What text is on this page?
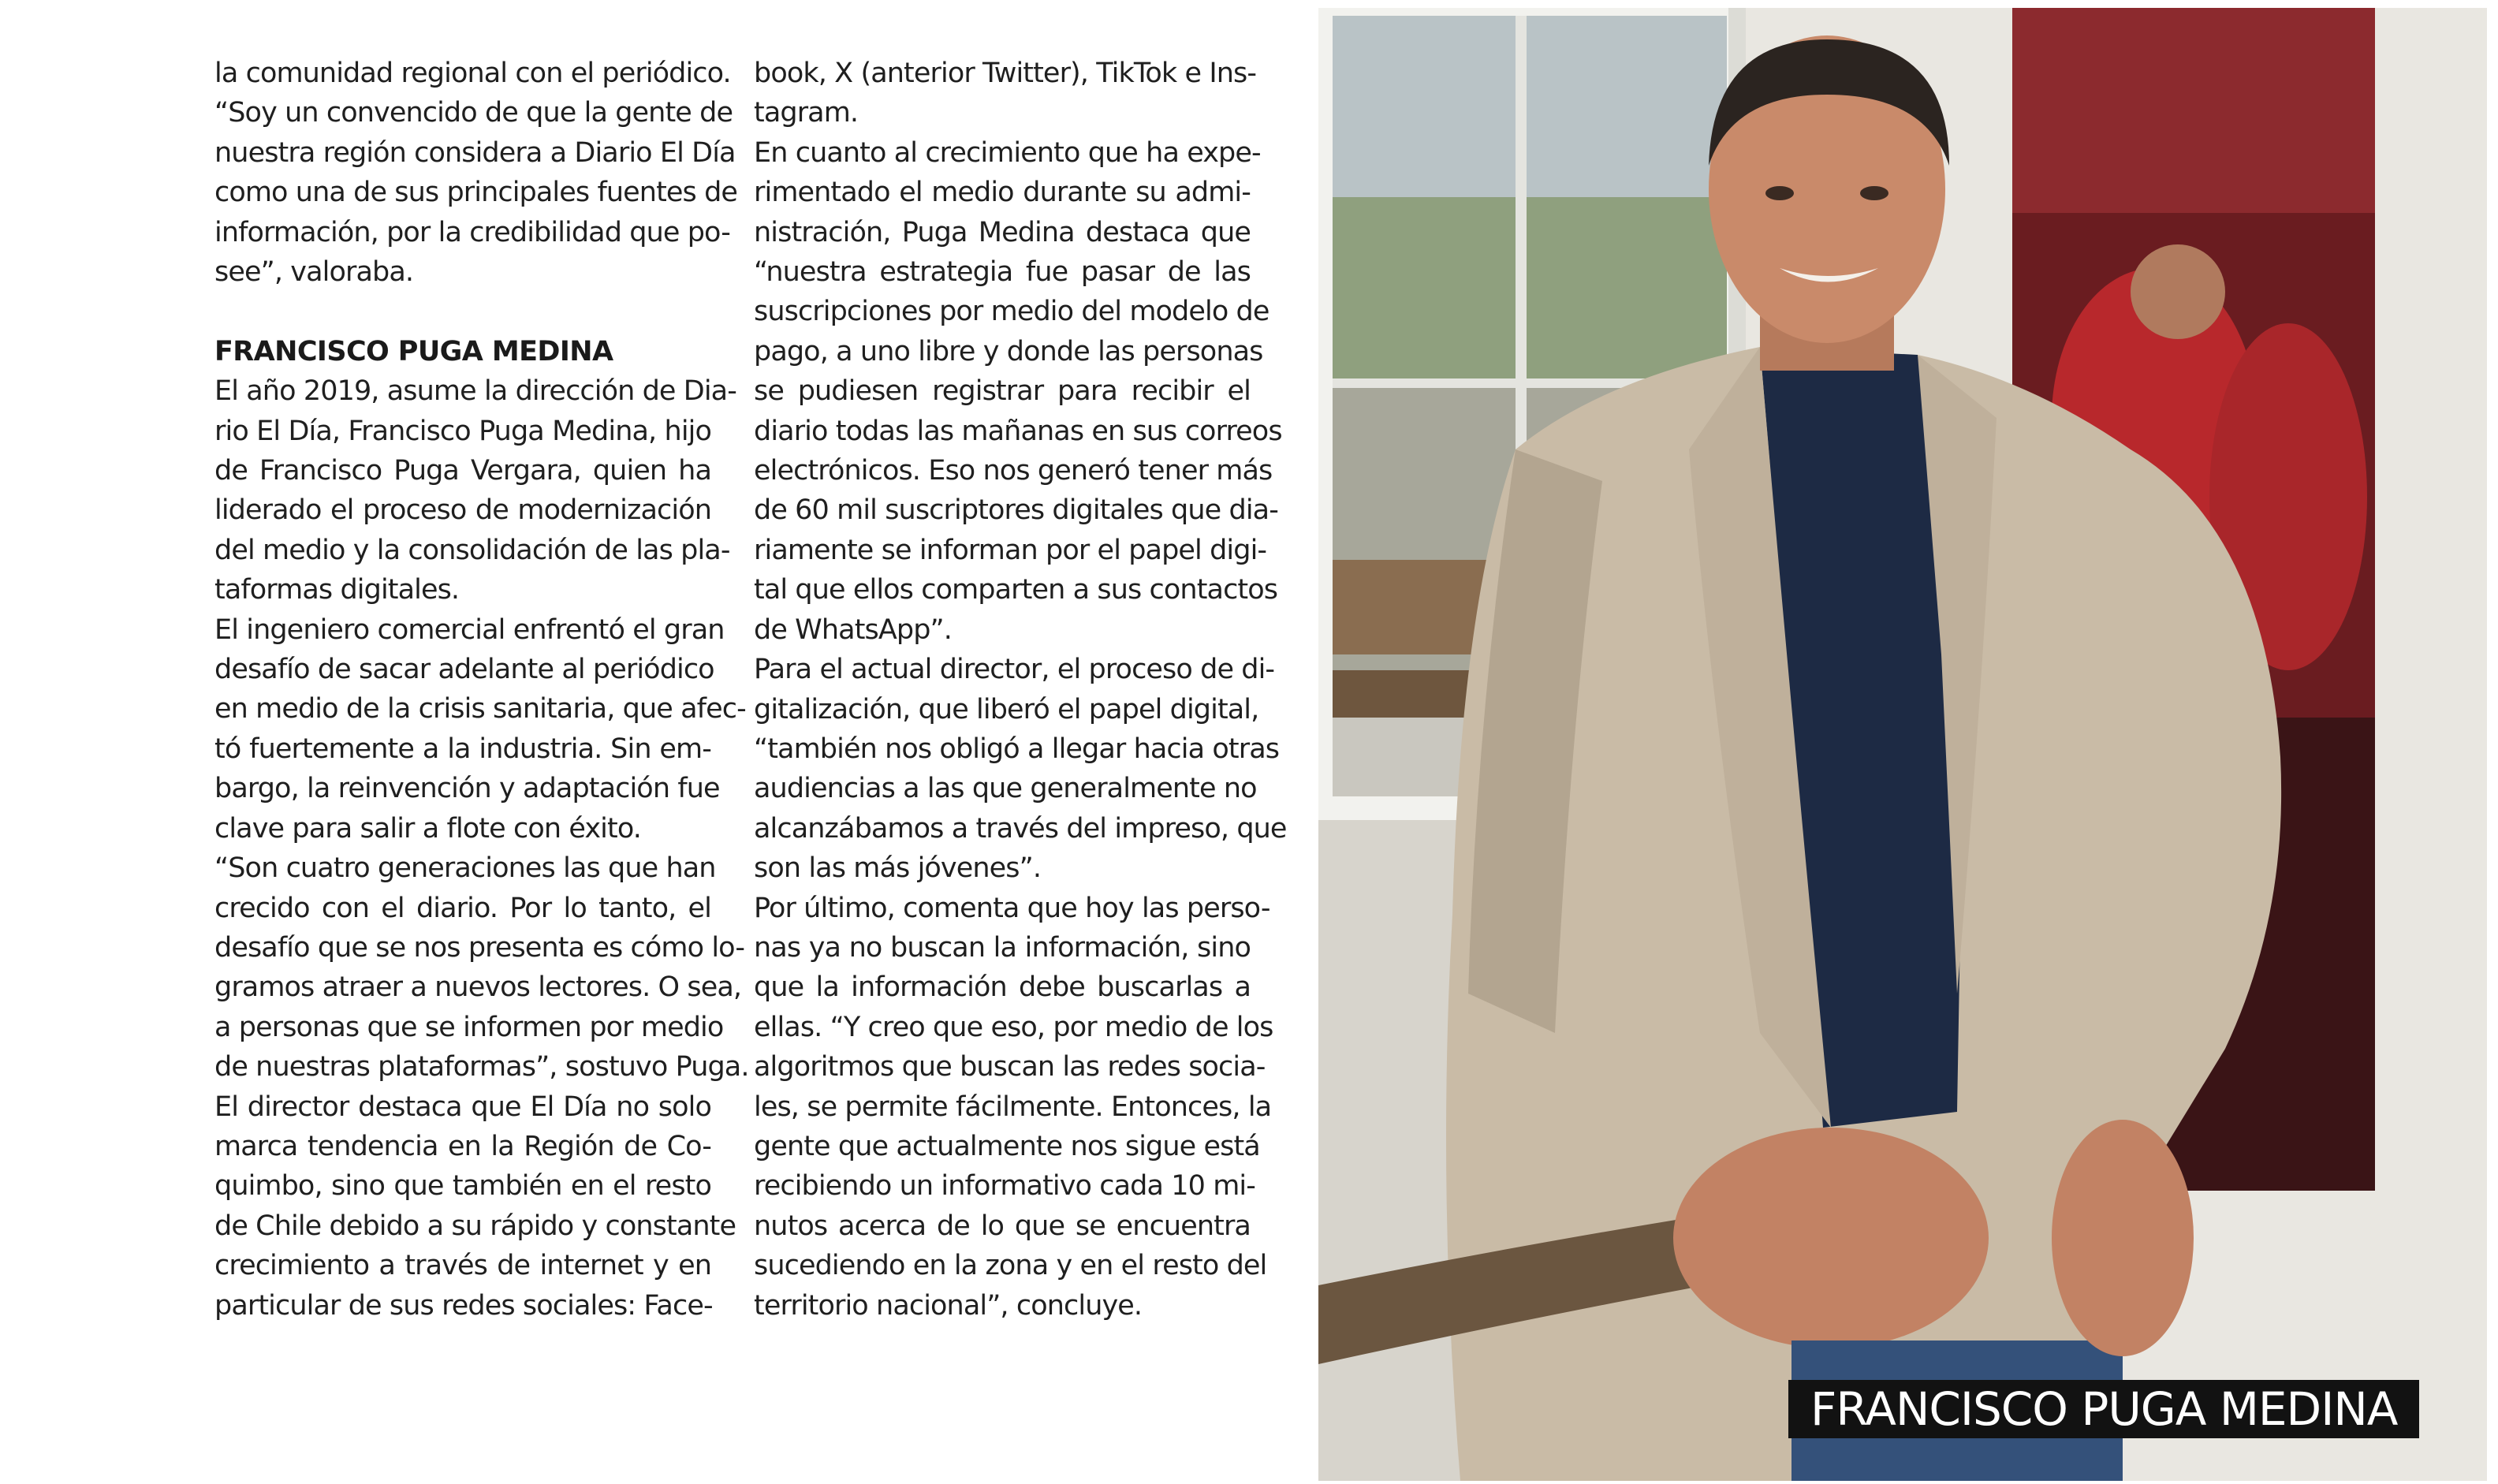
la comunidad regional con el periódico.
“Soy un convencido de que la gente de
nuestra región considera a Diario El Día
como una de sus principales fuentes de
información, por la credibilidad que po-
see”, valoraba.
FRANCISCO PUGA MEDINA
El año 2019, asume la dirección de Dia-
rio El Día, Francisco Puga Medina, hijo
de Francisco Puga Vergara, quien ha
liderado el proceso de modernización
del medio y la consolidación de las pla-
taformas digitales.
El ingeniero comercial enfrentó el gran
desafío de sacar adelante al periódico
en medio de la crisis sanitaria, que afec-
tó fuertemente a la industria. Sin em-
bargo, la reinvención y adaptación fue
clave para salir a flote con éxito.
“Son cuatro generaciones las que han
crecido con el diario. Por lo tanto, el
desafío que se nos presenta es cómo lo-
gramos atraer a nuevos lectores. O sea,
a personas que se informen por medio
de nuestras plataformas”, sostuvo Puga.
El director destaca que El Día no solo
marca tendencia en la Región de Co-
quimbo, sino que también en el resto
de Chile debido a su rápido y constante
crecimiento a través de internet y en
particular de sus redes sociales: Face-
book, X (anterior Twitter), TikTok e Ins-
tagram.
En cuanto al crecimiento que ha expe-
rimentado el medio durante su admi-
nistración, Puga Medina destaca que
“nuestra estrategia fue pasar de las
suscripciones por medio del modelo de
pago, a uno libre y donde las personas
se pudiesen registrar para recibir el
diario todas las mañanas en sus correos
electrónicos. Eso nos generó tener más
de 60 mil suscriptores digitales que dia-
riamente se informan por el papel digi-
tal que ellos comparten a sus contactos
de WhatsApp”.
Para el actual director, el proceso de di-
gitalización, que liberó el papel digital,
“también nos obligó a llegar hacia otras
audiencias a las que generalmente no
alcanzábamos a través del impreso, que
son las más jóvenes”.
Por último, comenta que hoy las perso-
nas ya no buscan la información, sino
que la información debe buscarlas a
ellas. “Y creo que eso, por medio de los
algoritmos que buscan las redes socia-
les, se permite fácilmente. Entonces, la
gente que actualmente nos sigue está
recibiendo un informativo cada 10 mi-
nutos acerca de lo que se encuentra
sucediendo en la zona y en el resto del
territorio nacional”, concluye.
FRANCISCO PUGA MEDINA
